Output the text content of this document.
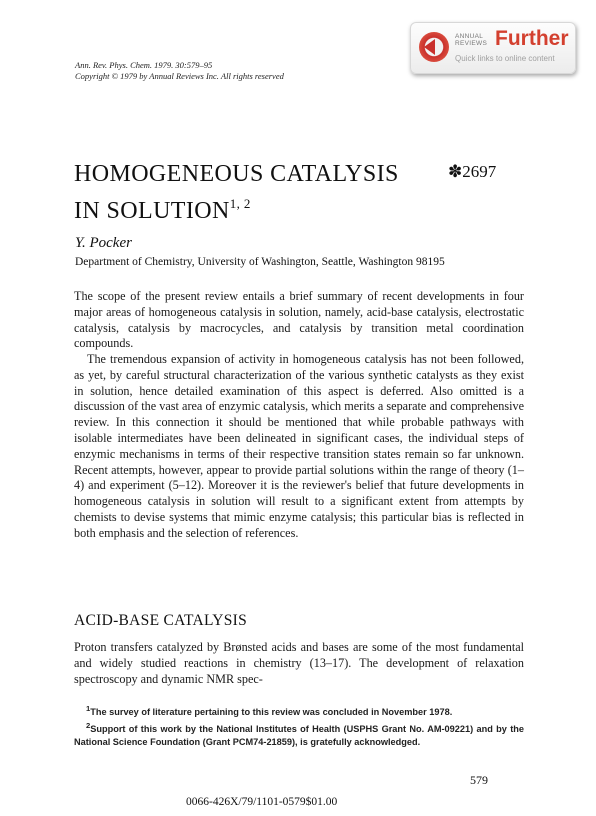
Ann. Rev. Phys. Chem. 1979. 30:579–95
Copyright © 1979 by Annual Reviews Inc. All rights reserved
ANNUAL REVIEWS Further
Quick links to online content
HOMOGENEOUS CATALYSIS
IN SOLUTION$^{1, 2}$
✽2697
Y. Pocker
Department of Chemistry, University of Washington, Seattle, Washington 98195

The scope of the present review entails a brief summary of recent developments in four major areas of homogeneous catalysis in solution, namely, acid-base catalysis, electrostatic catalysis, catalysis by macrocycles, and catalysis by transition metal coordination compounds.

The tremendous expansion of activity in homogeneous catalysis has not been followed, as yet, by careful structural characterization of the various synthetic catalysts as they exist in solution, hence detailed examination of this aspect is deferred. Also omitted is a discussion of the vast area of enzymic catalysis, which merits a separate and comprehensive review. In this connection it should be mentioned that while probable pathways with isolable intermediates have been delineated in significant cases, the individual steps of enzymic mechanisms in terms of their respective transition states remain so far unknown. Recent attempts, however, appear to provide partial solutions within the range of theory (1–4) and experiment (5–12). Moreover it is the reviewer's belief that future developments in homogeneous catalysis in solution will result to a significant extent from attempts by chemists to devise systems that mimic enzyme catalysis; this particular bias is reflected in both emphasis and the selection of references.

ACID-BASE CATALYSIS

Proton transfers catalyzed by Brønsted acids and bases are some of the most fundamental and widely studied reactions in chemistry (13–17). The development of relaxation spectroscopy and dynamic NMR spec-

$^1$The survey of literature pertaining to this review was concluded in November 1978.
$^2$Support of this work by the National Institutes of Health (USPHS Grant No. AM-09221) and by the National Science Foundation (Grant PCM74-21859), is gratefully acknowledged.
579
0066-426X/79/1101-0579$01.00
